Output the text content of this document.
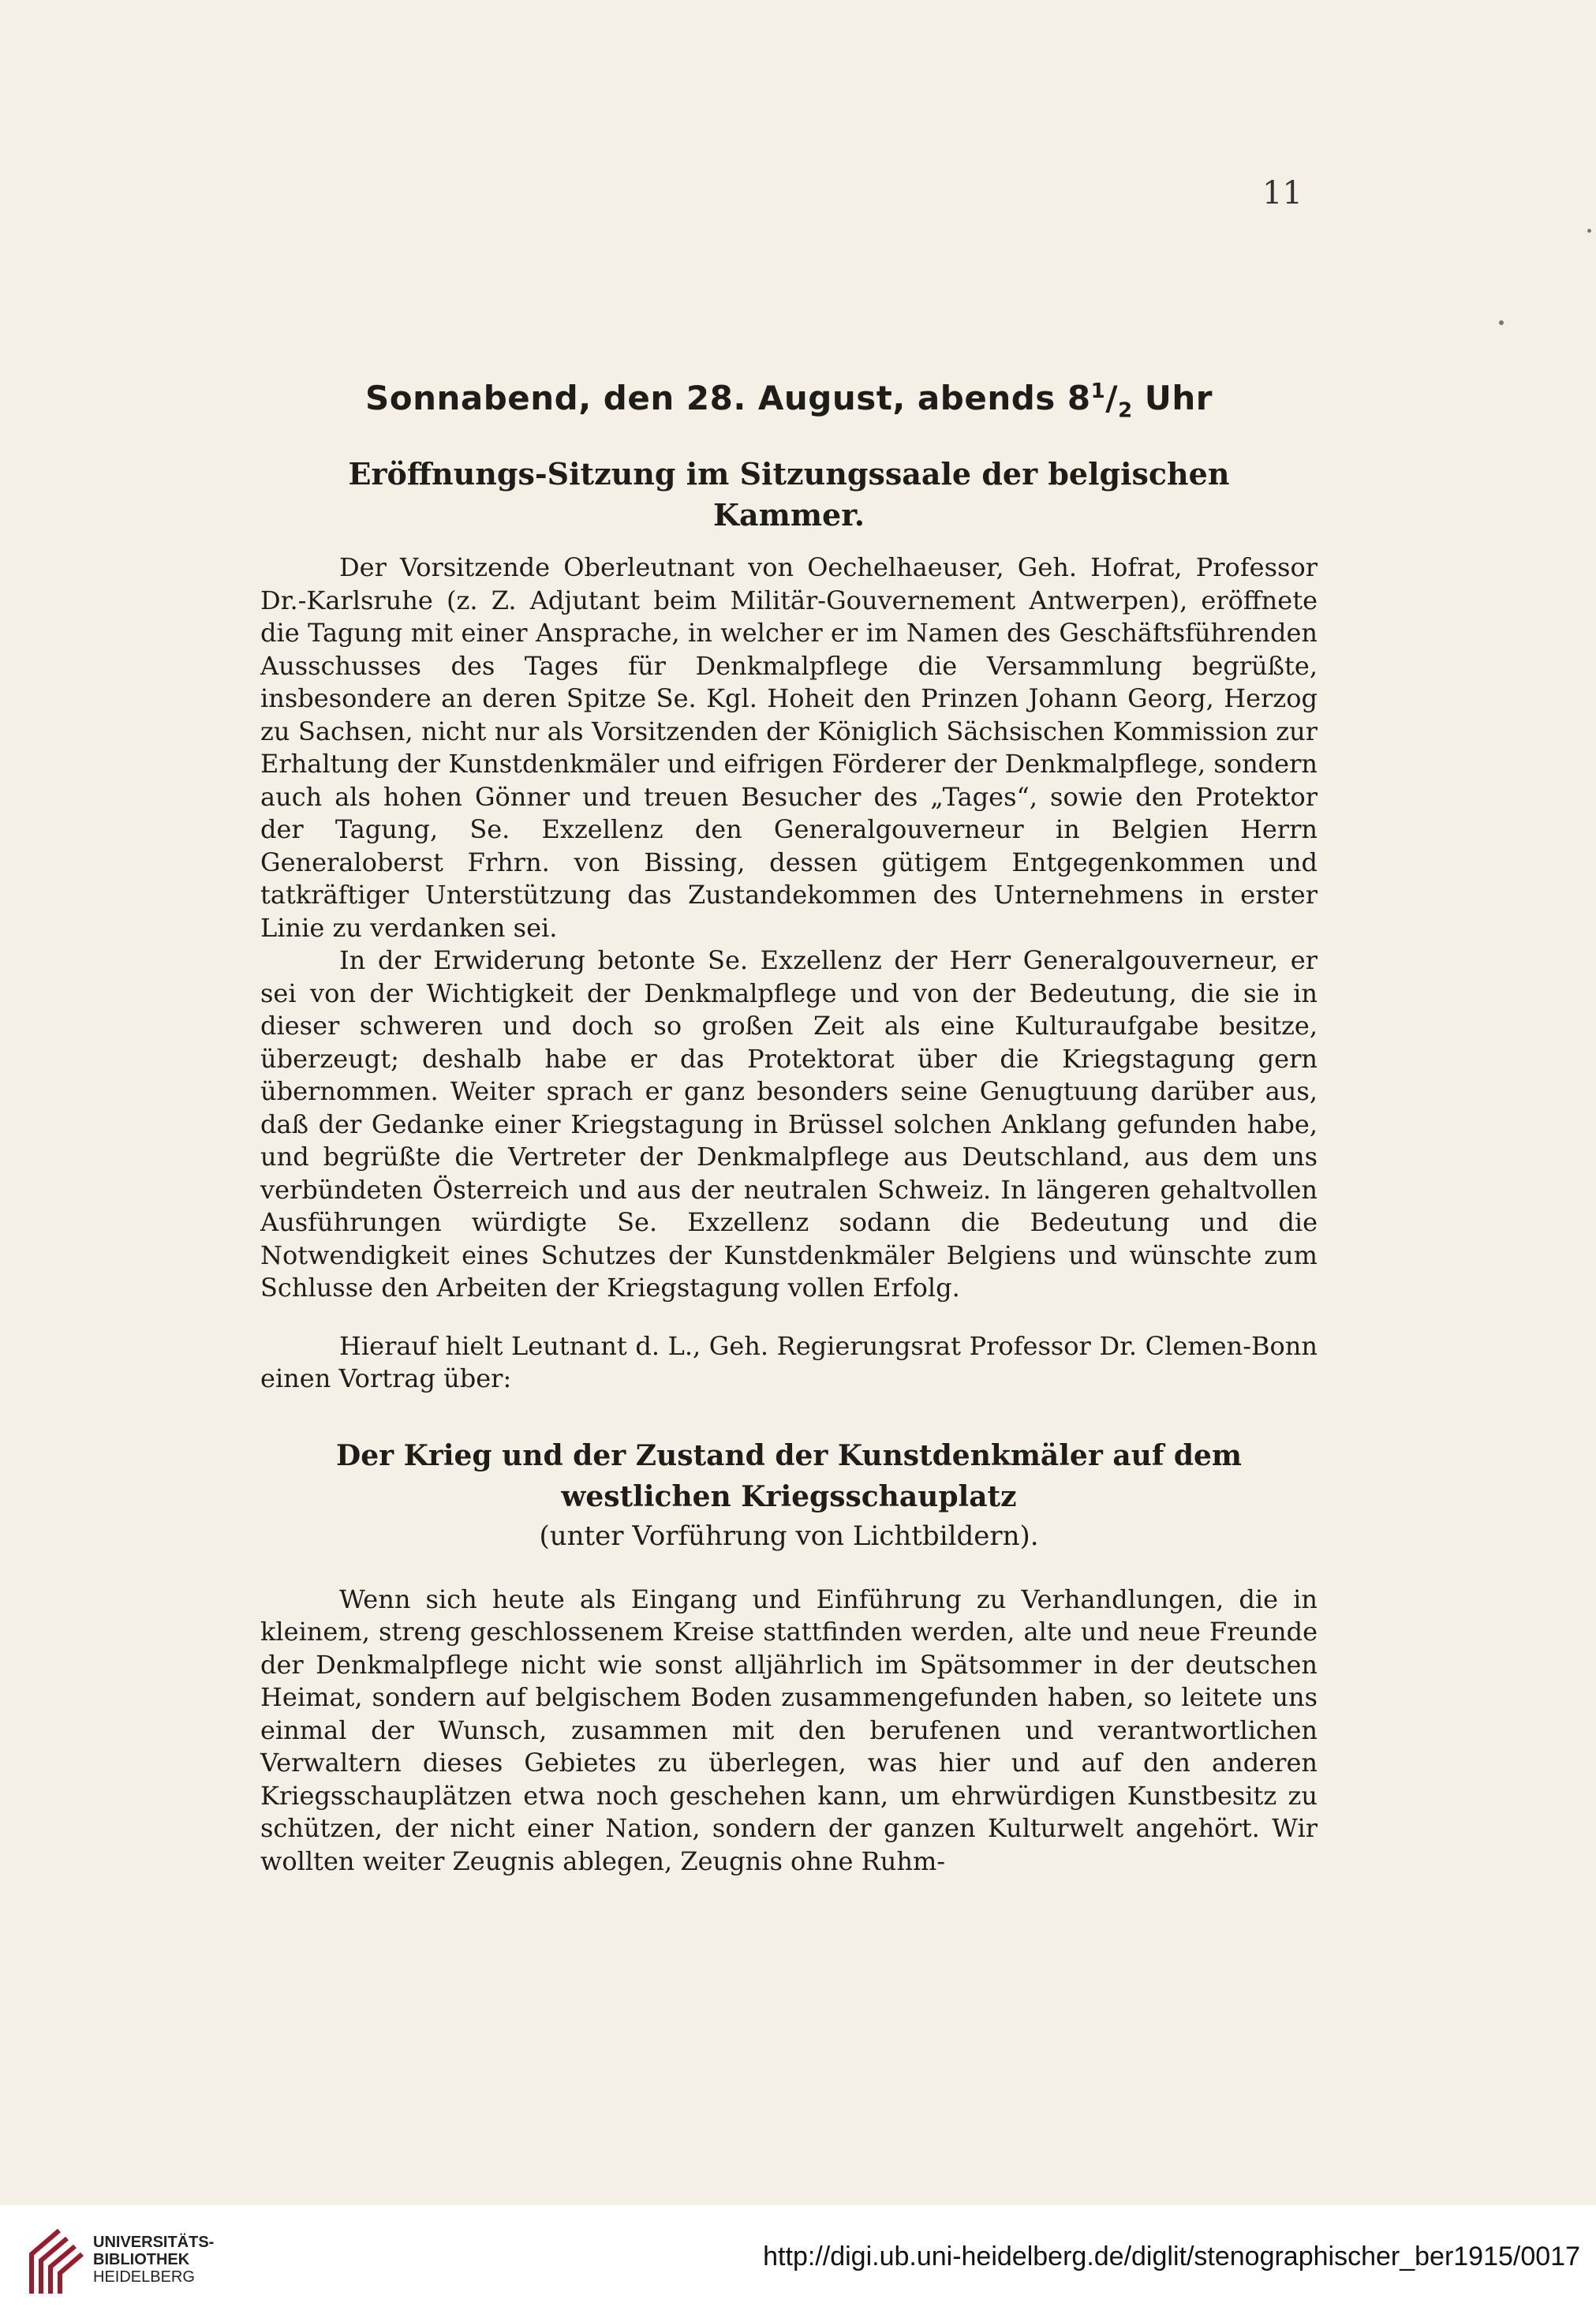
11
Sonnabend, den 28. August, abends $8^1/_2$ Uhr
Eröffnungs-Sitzung im Sitzungssaale der belgischen
Kammer.

Der Vorsitzende Oberleutnant von Oechelhaeuser, Geh. Hofrat, Professor Dr.-Karlsruhe (z. Z. Adjutant beim Militär-Gouvernement Antwerpen), eröffnete die Tagung mit einer Ansprache, in welcher er im Namen des Geschäftsführenden Ausschusses des Tages für Denkmalpflege die Versammlung begrüßte, insbesondere an deren Spitze Se. Kgl. Hoheit den Prinzen Johann Georg, Herzog zu Sachsen, nicht nur als Vorsitzenden der Königlich Sächsischen Kommission zur Erhaltung der Kunstdenkmäler und eifrigen Förderer der Denkmalpflege, sondern auch als hohen Gönner und treuen Besucher des „Tages“, sowie den Protektor der Tagung, Se. Exzellenz den Generalgouverneur in Belgien Herrn Generaloberst Frhrn. von Bissing, dessen gütigem Entgegenkommen und tatkräftiger Unterstützung das Zustandekommen des Unternehmens in erster Linie zu verdanken sei.

In der Erwiderung betonte Se. Exzellenz der Herr Generalgouverneur, er sei von der Wichtigkeit der Denkmalpflege und von der Bedeutung, die sie in dieser schweren und doch so großen Zeit als eine Kulturaufgabe besitze, überzeugt; deshalb habe er das Protektorat über die Kriegstagung gern übernommen. Weiter sprach er ganz besonders seine Genugtuung darüber aus, daß der Gedanke einer Kriegstagung in Brüssel solchen Anklang gefunden habe, und begrüßte die Vertreter der Denkmalpflege aus Deutschland, aus dem uns verbündeten Österreich und aus der neutralen Schweiz. In längeren gehaltvollen Ausführungen würdigte Se. Exzellenz sodann die Bedeutung und die Notwendigkeit eines Schutzes der Kunstdenkmäler Belgiens und wünschte zum Schlusse den Arbeiten der Kriegstagung vollen Erfolg.

Hierauf hielt Leutnant d. L., Geh. Regierungsrat Professor Dr. Clemen-Bonn einen Vortrag über:

Der Krieg und der Zustand der Kunstdenkmäler auf dem westlichen Kriegsschauplatz
(unter Vorführung von Lichtbildern).

Wenn sich heute als Eingang und Einführung zu Verhandlungen, die in kleinem, streng geschlossenem Kreise stattfinden werden, alte und neue Freunde der Denkmalpflege nicht wie sonst alljährlich im Spätsommer in der deutschen Heimat, sondern auf belgischem Boden zusammengefunden haben, so leitete uns einmal der Wunsch, zusammen mit den berufenen und verantwortlichen Verwaltern dieses Gebietes zu überlegen, was hier und auf den anderen Kriegsschauplätzen etwa noch geschehen kann, um ehrwürdigen Kunstbesitz zu schützen, der nicht einer Nation, sondern der ganzen Kulturwelt angehört. Wir wollten weiter Zeugnis ablegen, Zeugnis ohne Ruhm-

UNIVERSITÄTS-
BIBLIOTHEK
HEIDELBERG
http://digi.ub.uni-heidelberg.de/diglit/stenographischer_ber1915/0017
